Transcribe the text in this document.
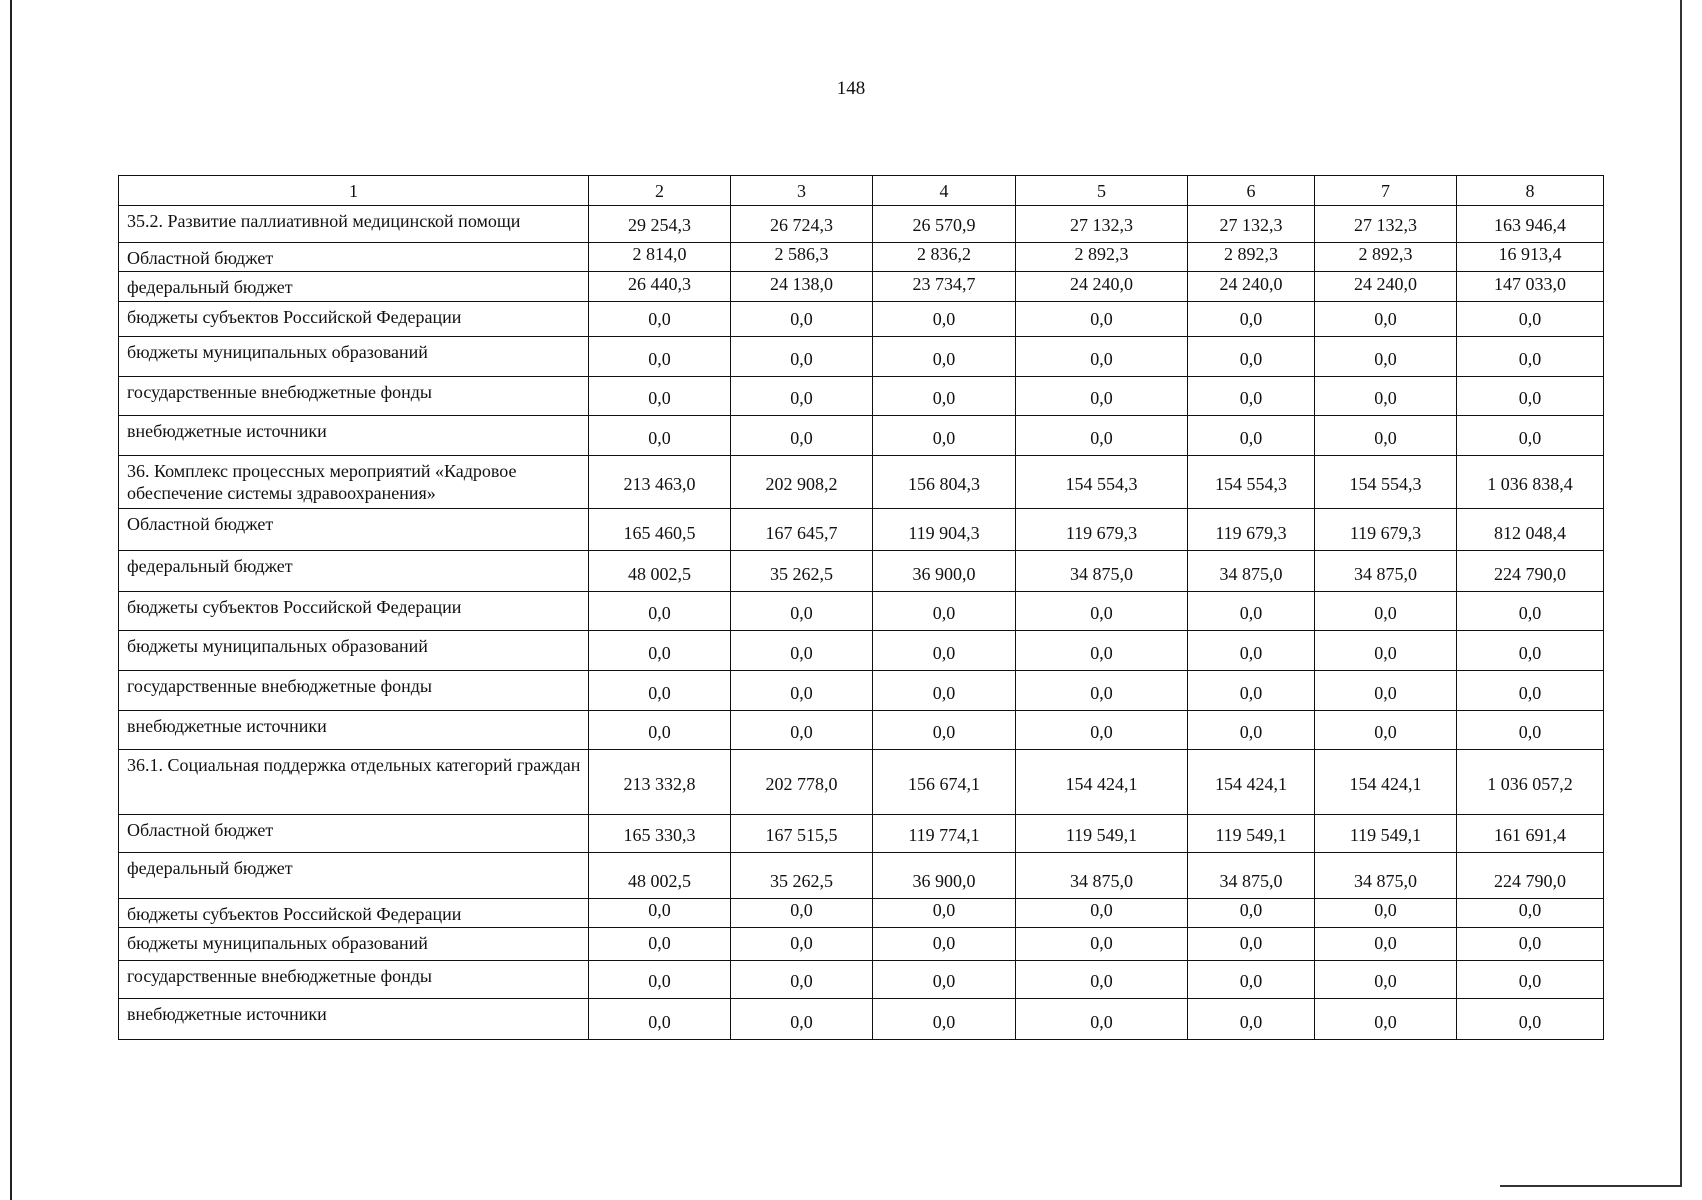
148
1	2	3	4	5	6	7	8
35.2. Развитие паллиативной медицинской помощи	29 254,3	26 724,3	26 570,9	27 132,3	27 132,3	27 132,3	163 946,4
Областной бюджет	2 814,0	2 586,3	2 836,2	2 892,3	2 892,3	2 892,3	16 913,4
федеральный бюджет	26 440,3	24 138,0	23 734,7	24 240,0	24 240,0	24 240,0	147 033,0
бюджеты субъектов Российской Федерации	0,0	0,0	0,0	0,0	0,0	0,0	0,0
бюджеты муниципальных образований	0,0	0,0	0,0	0,0	0,0	0,0	0,0
государственные внебюджетные фонды	0,0	0,0	0,0	0,0	0,0	0,0	0,0
внебюджетные источники	0,0	0,0	0,0	0,0	0,0	0,0	0,0
36. Комплекс процессных мероприятий «Кадровое обеспечение системы здравоохранения»	213 463,0	202 908,2	156 804,3	154 554,3	154 554,3	154 554,3	1 036 838,4
Областной бюджет	165 460,5	167 645,7	119 904,3	119 679,3	119 679,3	119 679,3	812 048,4
федеральный бюджет	48 002,5	35 262,5	36 900,0	34 875,0	34 875,0	34 875,0	224 790,0
бюджеты субъектов Российской Федерации	0,0	0,0	0,0	0,0	0,0	0,0	0,0
бюджеты муниципальных образований	0,0	0,0	0,0	0,0	0,0	0,0	0,0
государственные внебюджетные фонды	0,0	0,0	0,0	0,0	0,0	0,0	0,0
внебюджетные источники	0,0	0,0	0,0	0,0	0,0	0,0	0,0
36.1. Социальная поддержка отдельных категорий граждан	213 332,8	202 778,0	156 674,1	154 424,1	154 424,1	154 424,1	1 036 057,2
Областной бюджет	165 330,3	167 515,5	119 774,1	119 549,1	119 549,1	119 549,1	161 691,4
федеральный бюджет	48 002,5	35 262,5	36 900,0	34 875,0	34 875,0	34 875,0	224 790,0
бюджеты субъектов Российской Федерации	0,0	0,0	0,0	0,0	0,0	0,0	0,0
бюджеты муниципальных образований	0,0	0,0	0,0	0,0	0,0	0,0	0,0
государственные внебюджетные фонды	0,0	0,0	0,0	0,0	0,0	0,0	0,0
внебюджетные источники	0,0	0,0	0,0	0,0	0,0	0,0	0,0
